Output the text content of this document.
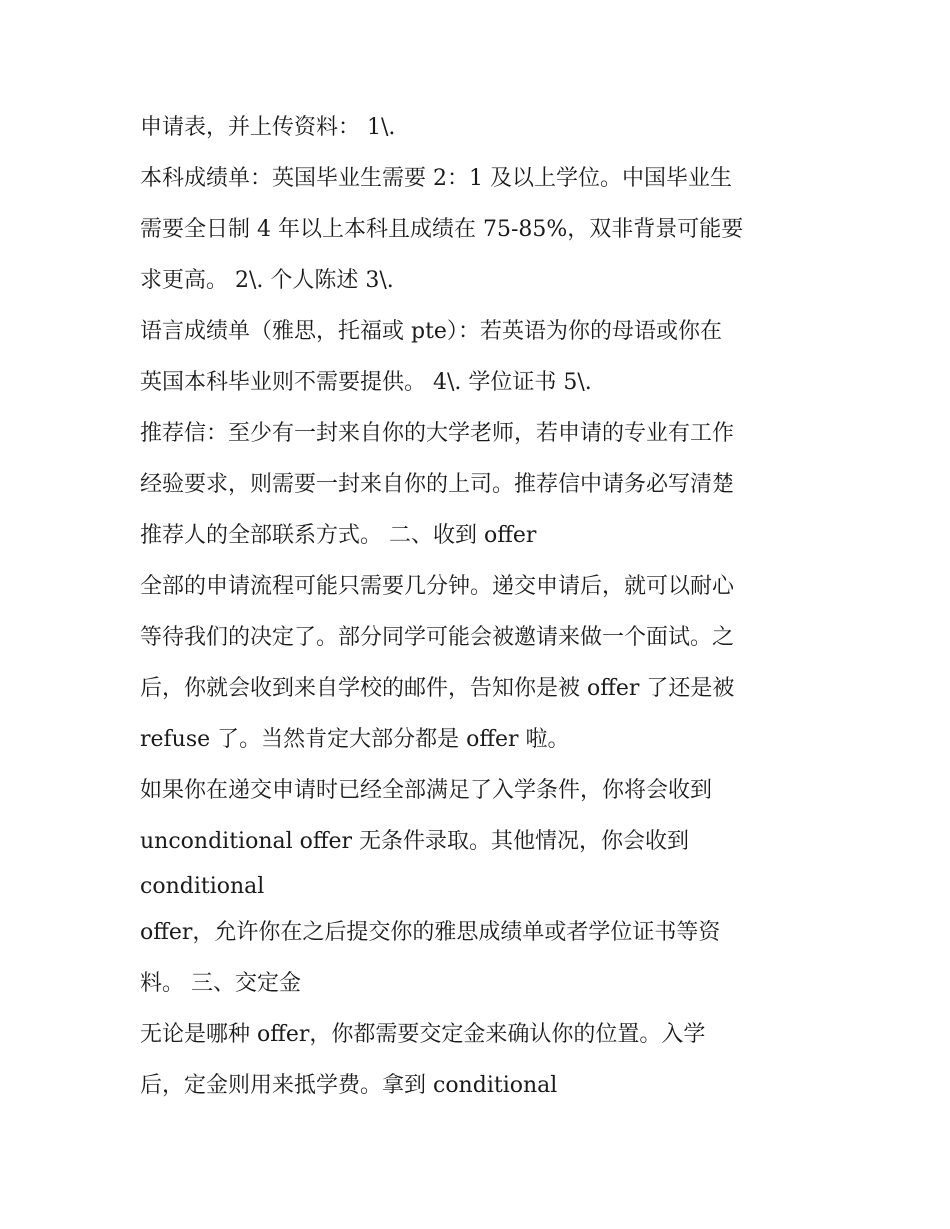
申请表，并上传资料： 1\.
本科成绩单：英国毕业生需要 2：1 及以上学位。中国毕业生
需要全日制 4 年以上本科且成绩在 75-85%，双非背景可能要
求更高。 2\. 个人陈述 3\.
语言成绩单（雅思，托福或 pte）：若英语为你的母语或你在
英国本科毕业则不需要提供。 4\. 学位证书 5\.
推荐信：至少有一封来自你的大学老师，若申请的专业有工作
经验要求，则需要一封来自你的上司。推荐信中请务必写清楚
推荐人的全部联系方式。 二、收到 offer
全部的申请流程可能只需要几分钟。递交申请后，就可以耐心
等待我们的决定了。部分同学可能会被邀请来做一个面试。之
后，你就会收到来自学校的邮件，告知你是被 offer 了还是被
refuse 了。当然肯定大部分都是 offer 啦。
如果你在递交申请时已经全部满足了入学条件，你将会收到
unconditional offer 无条件录取。其他情况，你会收到
conditional
offer，允许你在之后提交你的雅思成绩单或者学位证书等资
料。 三、交定金
无论是哪种 offer，你都需要交定金来确认你的位置。入学
后，定金则用来抵学费。拿到 conditional
